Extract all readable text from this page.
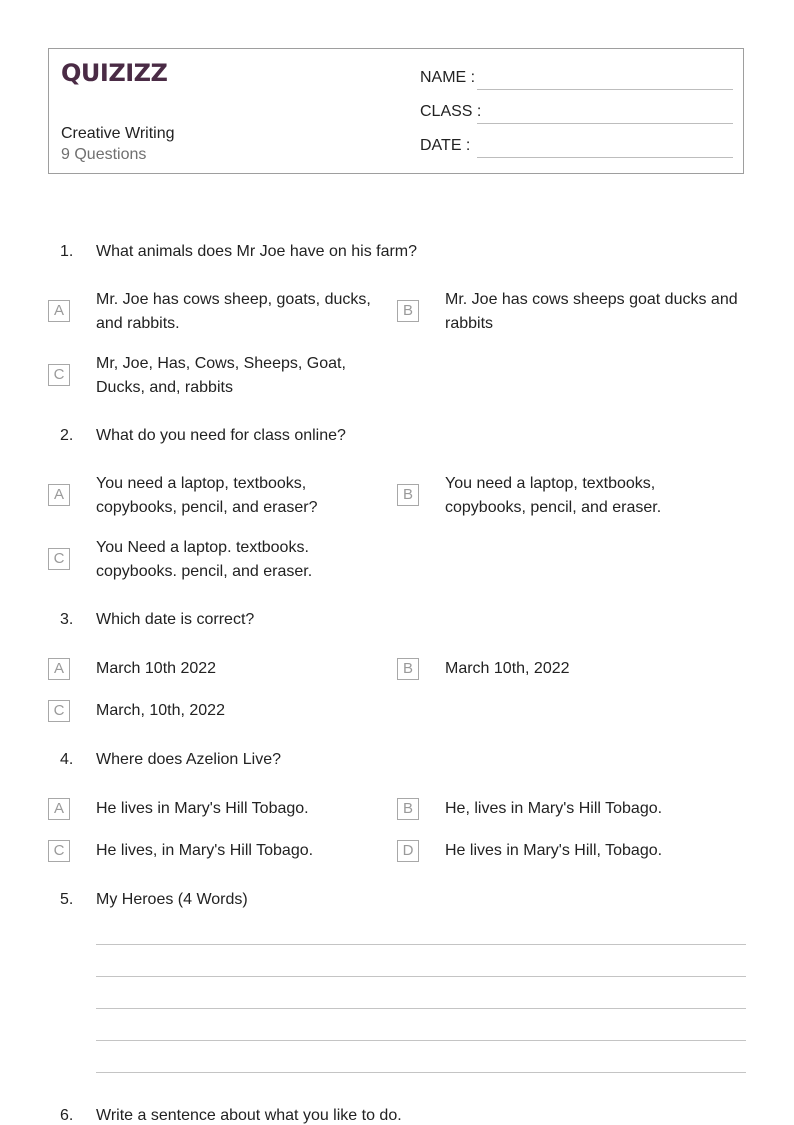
QUIZIZZ
Creative Writing
9 Questions
NAME :
CLASS :
DATE :
1. What animals does Mr Joe have on his farm?
A
Mr. Joe has cows sheep, goats, ducks, and rabbits.
B
Mr. Joe has cows sheeps goat ducks and rabbits
C
Mr, Joe, Has, Cows, Sheeps, Goat, Ducks, and, rabbits
2. What do you need for class online?
A
You need a laptop, textbooks, copybooks, pencil, and eraser?
B
You need a laptop, textbooks, copybooks, pencil, and eraser.
C
You Need a laptop. textbooks. copybooks. pencil, and eraser.
3. Which date is correct?
A	March 10th 2022	B	March 10th, 2022
C	March, 10th, 2022
4. Where does Azelion Live?
A	He lives in Mary's Hill Tobago.	B	He, lives in Mary's Hill Tobago.
C	He lives, in Mary's Hill Tobago.	D	He lives in Mary's Hill, Tobago.
5. My Heroes (4 Words)
6. Write a sentence about what you like to do.
